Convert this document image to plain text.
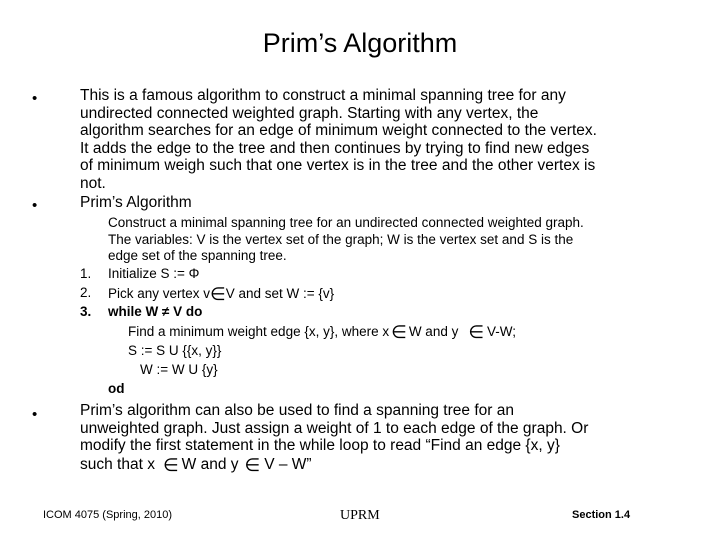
Prim’s Algorithm
•	This is a famous algorithm to construct a minimal spanning tree for any
undirected connected weighted graph. Starting with any vertex, the
algorithm searches for an edge of minimum weight connected to the vertex.
It adds the edge to the tree and then continues by trying to find new edges
of minimum weigh such that one vertex is in the tree and the other vertex is
not.
•	Prim’s Algorithm
Construct a minimal spanning tree for an undirected connected weighted graph.
The variables: V is the vertex set of the graph; W is the vertex set and S is the
edge set of the spanning tree.
1. Initialize S := Φ
2. Pick any vertex v∈V and set W := {v}
3. while W ≠ V do
Find a minimum weight edge {x, y}, where x ∈ W and y ∈ V-W;
S := S U {{x, y}}
W := W U {y}
od
•	Prim’s algorithm can also be used to find a spanning tree for an
unweighted graph. Just assign a weight of 1 to each edge of the graph. Or
modify the first statement in the while loop to read “Find an edge {x, y}
such that x ∈ W and y ∈ V – W”
ICOM 4075 (Spring, 2010)	UPRM	Section 1.4
